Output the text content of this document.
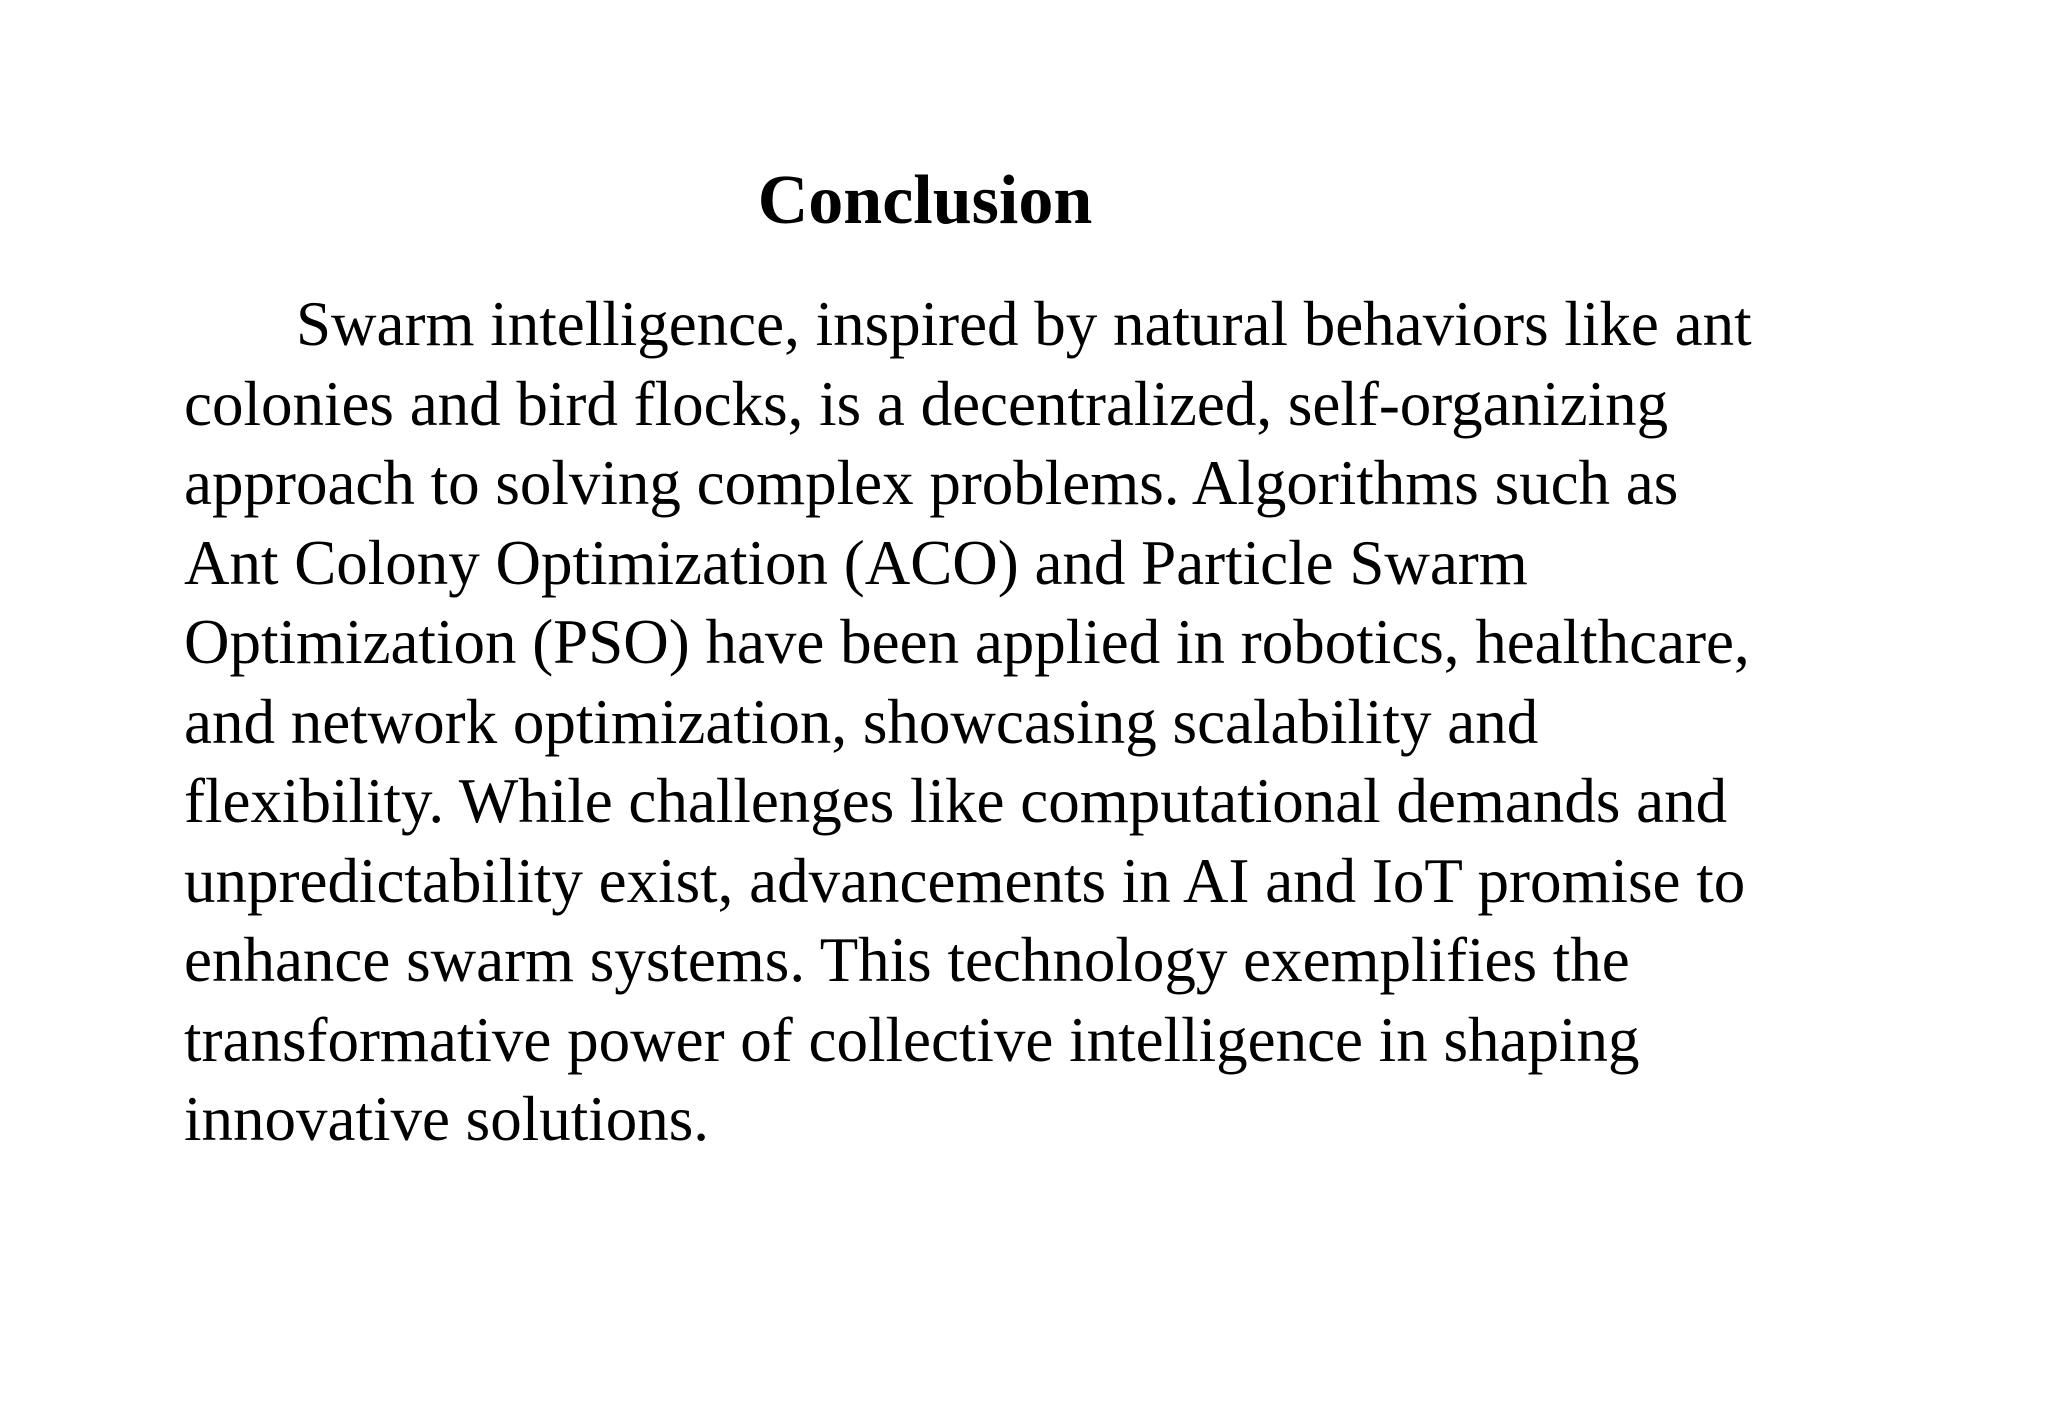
Conclusion

Swarm intelligence, inspired by natural behaviors like ant
colonies and bird flocks, is a decentralized, self-organizing
approach to solving complex problems. Algorithms such as
Ant Colony Optimization (ACO) and Particle Swarm
Optimization (PSO) have been applied in robotics, healthcare,
and network optimization, showcasing scalability and
flexibility. While challenges like computational demands and
unpredictability exist, advancements in AI and IoT promise to
enhance swarm systems. This technology exemplifies the
transformative power of collective intelligence in shaping
innovative solutions.
